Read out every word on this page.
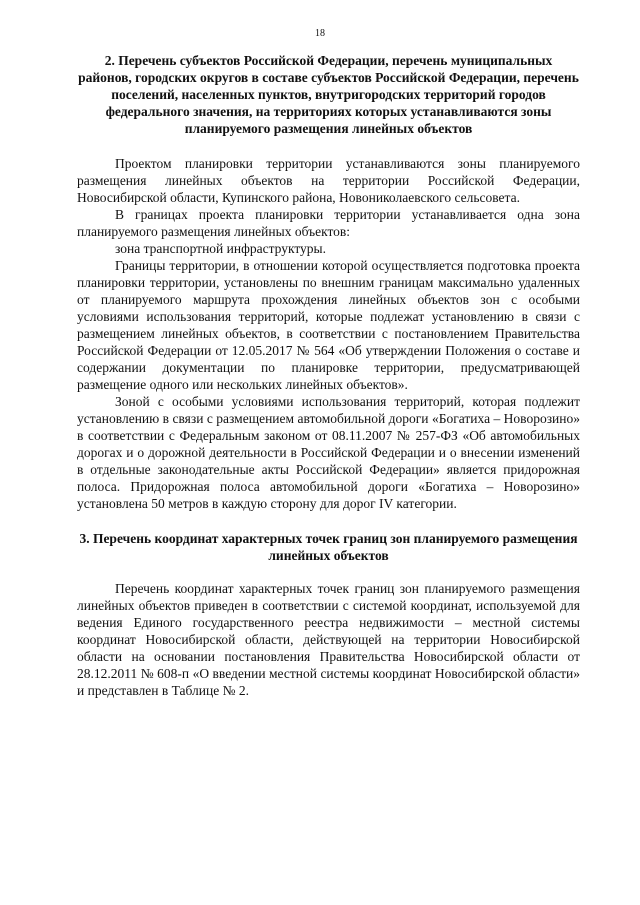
18

2. Перечень субъектов Российской Федерации, перечень муниципальных районов, городских округов в составе субъектов Российской Федерации, перечень поселений, населенных пунктов, внутригородских территорий городов федерального значения, на территориях которых устанавливаются зоны планируемого размещения линейных объектов

Проектом планировки территории устанавливаются зоны планируемого размещения линейных объектов на территории Российской Федерации, Новосибирской области, Купинского района, Новониколаевского сельсовета.

В границах проекта планировки территории устанавливается одна зона планируемого размещения линейных объектов:

зона транспортной инфраструктуры.

Границы территории, в отношении которой осуществляется подготовка проекта планировки территории, установлены по внешним границам максимально удаленных от планируемого маршрута прохождения линейных объектов зон с особыми условиями использования территорий, которые подлежат установлению в связи с размещением линейных объектов, в соответствии с постановлением Правительства Российской Федерации от 12.05.2017 № 564 «Об утверждении Положения о составе и содержании документации по планировке территории, предусматривающей размещение одного или нескольких линейных объектов».

Зоной с особыми условиями использования территорий, которая подлежит установлению в связи с размещением автомобильной дороги «Богатиха – Новорозино» в соответствии с Федеральным законом от 08.11.2007 № 257-ФЗ «Об автомобильных дорогах и о дорожной деятельности в Российской Федерации и о внесении изменений в отдельные законодательные акты Российской Федерации» является придорожная полоса. Придорожная полоса автомобильной дороги «Богатиха – Новорозино» установлена 50 метров в каждую сторону для дорог IV категории.

3. Перечень координат характерных точек границ зон планируемого размещения линейных объектов

Перечень координат характерных точек границ зон планируемого размещения линейных объектов приведен в соответствии с системой координат, используемой для ведения Единого государственного реестра недвижимости – местной системы координат Новосибирской области, действующей на территории Новосибирской области на основании постановления Правительства Новосибирской области от 28.12.2011 № 608-п «О введении местной системы координат Новосибирской области» и представлен в Таблице № 2.
